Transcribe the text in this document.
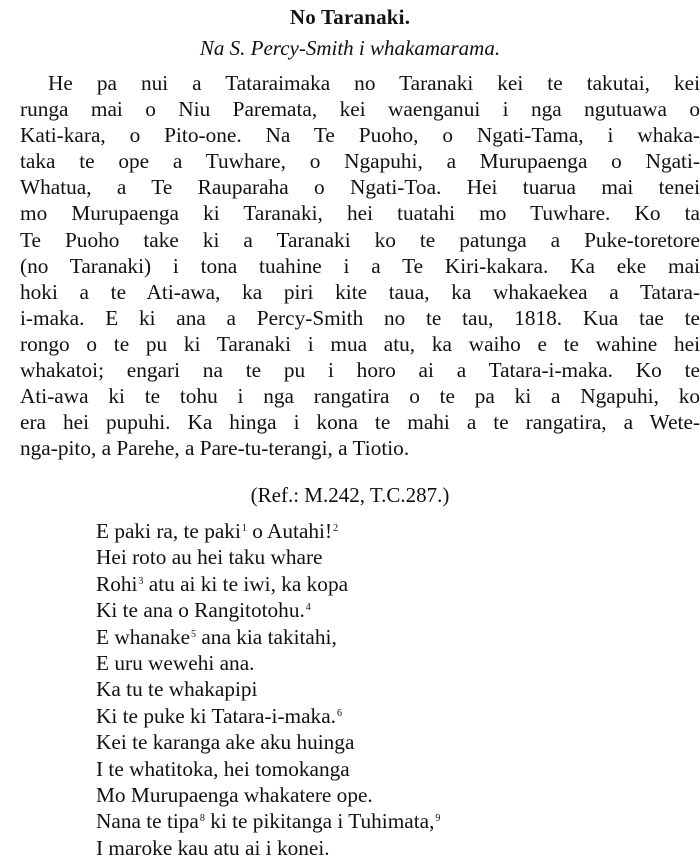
No Taranaki.
Na S. Percy-Smith i whakamarama.
He pa nui a Tataraimaka no Taranaki kei te takutai, kei
runga mai o Niu Paremata, kei waenganui i nga ngutuawa o
Kati-kara, o Pito-one. Na Te Puoho, o Ngati-Tama, i whaka-
taka te ope a Tuwhare, o Ngapuhi, a Murupaenga o Ngati-
Whatua, a Te Rauparaha o Ngati-Toa. Hei tuarua mai tenei
mo Murupaenga ki Taranaki, hei tuatahi mo Tuwhare. Ko ta
Te Puoho take ki a Taranaki ko te patunga a Puke-toretore
(no Taranaki) i tona tuahine i a Te Kiri-kakara. Ka eke mai
hoki a te Ati-awa, ka piri kite taua, ka whakaekea a Tatara-
i-maka. E ki ana a Percy-Smith no te tau, 1818. Kua tae te
rongo o te pu ki Taranaki i mua atu, ka waiho e te wahine hei
whakatoi; engari na te pu i horo ai a Tatara-i-maka. Ko te
Ati-awa ki te tohu i nga rangatira o te pa ki a Ngapuhi, ko
era hei pupuhi. Ka hinga i kona te mahi a te rangatira, a Wete-
nga-pito, a Parehe, a Pare-tu-terangi, a Tiotio.
(Ref.: M.242, T.C.287.)
E paki ra, te paki$^1$ o Autahi!$^2$
Hei roto au hei taku whare
Rohi$^3$ atu ai ki te iwi, ka kopa
Ki te ana o Rangitotohu.$^4$
E whanake$^5$ ana kia takitahi,
E uru wewehi ana.
Ka tu te whakapipi
Ki te puke ki Tatara-i-maka.$^6$
Kei te karanga ake aku huinga
I te whatitoka, hei tomokanga
Mo Murupaenga whakatere ope.
Nana te tipa$^8$ ki te pikitanga i Tuhimata,$^9$
I maroke kau atu ai i konei.
